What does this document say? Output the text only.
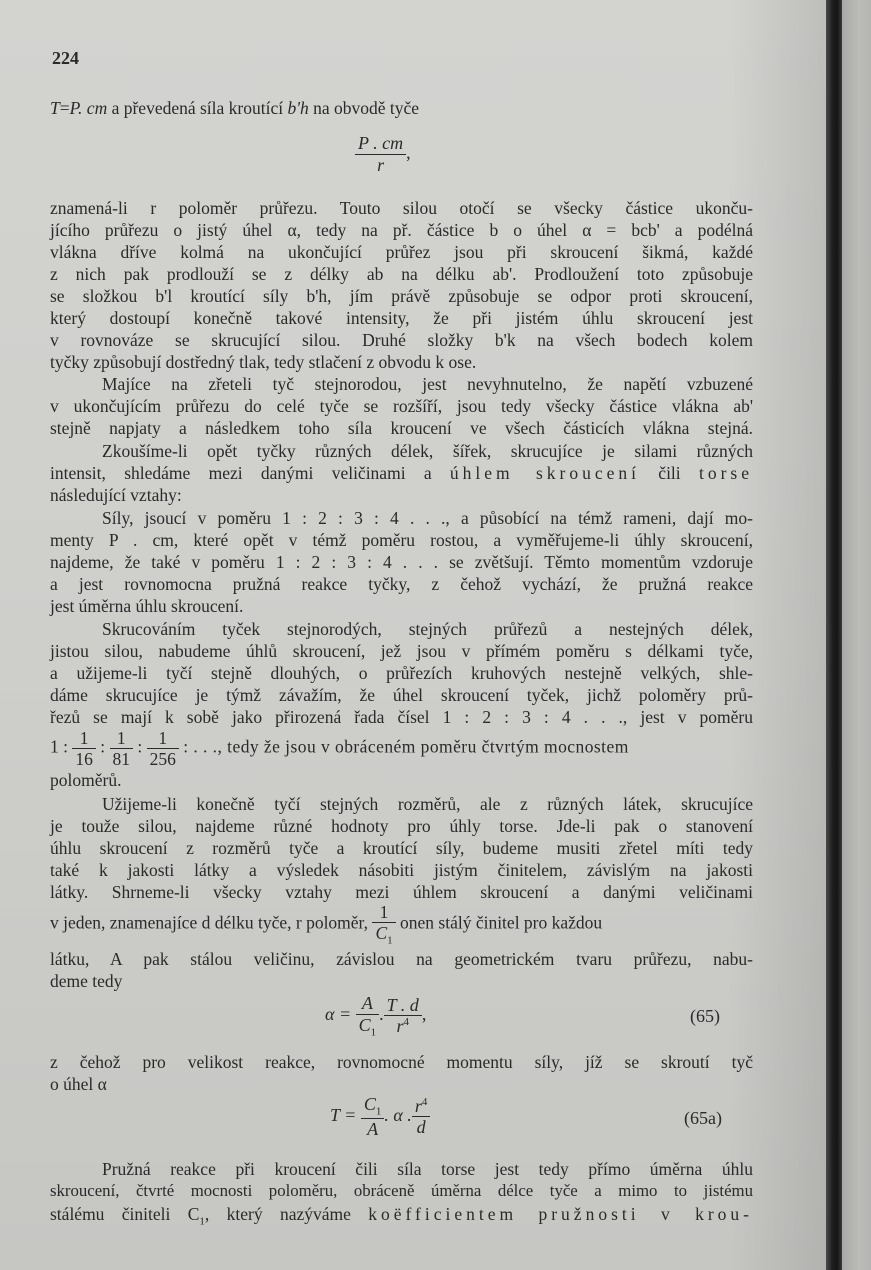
224
T=P. cm a převedená síla kroutící b'h na obvodě tyče
$\frac{P . cm}{r}$ ,
znamená-li r poloměr průřezu. Touto silou otočí se všecky částice ukonču-
jícího průřezu o jistý úhel α, tedy na př. částice b o úhel α = bcb' a podélná
vlákna dříve kolmá na ukončující průřez jsou při skroucení šikmá, každé
z nich pak prodlouží se z délky ab na délku ab'. Prodloužení toto způsobuje
se složkou b'l kroutící síly b'h, jím právě způsobuje se odpor proti skroucení,
který dostoupí konečně takové intensity, že při jistém úhlu skroucení jest
v rovnováze se skrucující silou. Druhé složky b'k na všech bodech kolem
tyčky způsobují dostředný tlak, tedy stlačení z obvodu k ose.
Majíce na zřeteli tyč stejnorodou, jest nevyhnutelno, že napětí vzbuzené
v ukončujícím průřezu do celé tyče se rozšíří, jsou tedy všecky částice vlákna ab'
stejně napjaty a následkem toho síla kroucení ve všech částicích vlákna stejná.
Zkoušíme-li opět tyčky různých délek, šířek, skrucujíce je silami různých
intensit, shledáme mezi danými veličinami a úhlem skroucení čili torse
následující vztahy:
Síly, jsoucí v poměru 1 : 2 : 3 : 4 . . ., a působící na témž rameni, dají mo-
menty P . cm, které opět v témž poměru rostou, a vyměřujeme-li úhly skroucení,
najdeme, že také v poměru 1 : 2 : 3 : 4 . . . se zvětšují. Těmto momentům vzdoruje
a jest rovnomocna pružná reakce tyčky, z čehož vychází, že pružná reakce
jest úměrna úhlu skroucení.
Skrucováním tyček stejnorodých, stejných průřezů a nestejných délek,
jistou silou, nabudeme úhlů skroucení, jež jsou v přímém poměru s délkami tyče,
a užijeme-li tyčí stejně dlouhých, o průřezích kruhových nestejně velkých, shle-
dáme skrucujíce je týmž závažím, že úhel skroucení tyček, jichž poloměry prů-
řezů se mají k sobě jako přirozená řada čísel 1 : 2 : 3 : 4 . . ., jest v poměru
1 : $\frac{1}{16}$ : $\frac{1}{81}$ : $\frac{1}{256}$ : . . ., tedy že jsou v obráceném poměru čtvrtým mocnostem
poloměrů.
Užijeme-li konečně tyčí stejných rozměrů, ale z různých látek, skrucujíce
je touže silou, najdeme různé hodnoty pro úhly torse. Jde-li pak o stanovení
úhlu skroucení z rozměrů tyče a kroutící síly, budeme musiti zřetel míti tedy
také k jakosti látky a výsledek násobiti jistým činitelem, závislým na jakosti
látky. Shrneme-li všecky vztahy mezi úhlem skroucení a danými veličinami
v jeden, znamenajíce d délku tyče, r poloměr, $\frac{1}{C_1}$ onen stálý činitel pro každou
látku, A pak stálou veličinu, závislou na geometrickém tvaru průřezu, nabu-
deme tedy
$\alpha = \frac{A}{C_1}$ . $\frac{T . d}{r^4}$ ,	(65)
z čehož pro velikost reakce, rovnomocné momentu síly, jíž se skroutí tyč
o úhel α
$T = \frac{C_1}{A}$ . α . $\frac{r^4}{d}$	(65a)
Pružná reakce při kroucení čili síla torse jest tedy přímo úměrna úhlu
skroucení, čtvrté mocnosti poloměru, obráceně úměrna délce tyče a mimo to jistému
stálému činiteli $C_1$, který nazýváme koëfficientem pružnosti v krou-
